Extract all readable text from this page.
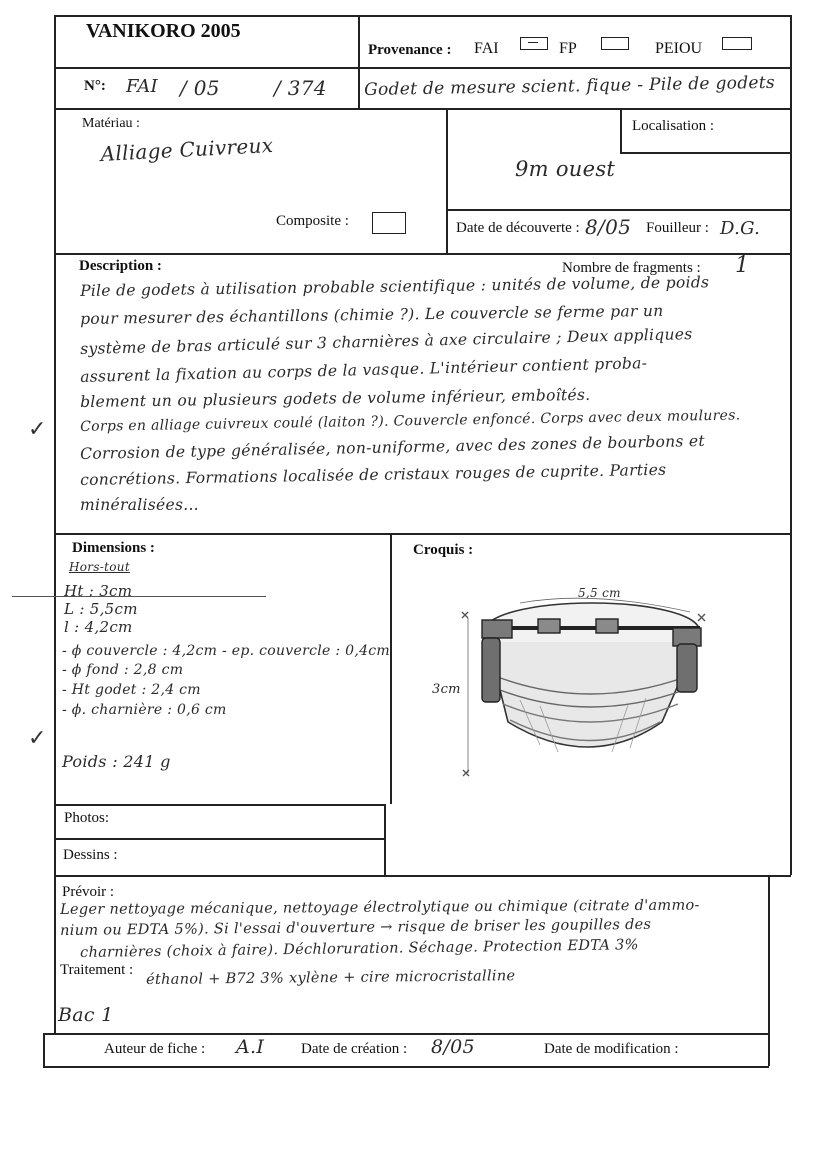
VANIKORO 2005
Provenance : FAI	FP	PEIOU
N°: FAI / 05	/ 374 Godet de mesure scient. fique - Pile de godets
Matériau :
Alliage Cuivreux
Composite :
Localisation :
9m ouest
Date de découverte : 8/05 Fouilleur : D.G.
Description :	Nombre de fragments : 1
Pile de godets à utilisation probable scientifique : unités de volume, de poids
pour mesurer des échantillons (chimie ?). Le couvercle se ferme par un
système de bras articulé sur 3 charnières à axe circulaire ; Deux appliques
assurent la fixation au corps de la vasque. L'intérieur contient proba-
blement un ou plusieurs godets de volume inférieur, emboîtés.
Corps en alliage cuivreux coulé (laiton ?). Couvercle enfoncé. Corps avec deux moulures.
Corrosion de type généralisée, non-uniforme, avec des zones de bourbons et
concrétions. Formations localisée de cristaux rouges de cuprite. Parties
minéralisées...
✓
✓
Dimensions :
Hors-tout
Ht : 3cm
L : 5,5cm
l : 4,2cm
- ϕ couvercle : 4,2cm - ep. couvercle : 0,4cm
- ϕ fond : 2,8 cm
- Ht godet : 2,4 cm
- ϕ. charnière : 0,6 cm
Poids : 241 g
Croquis :
5,5 cm
3cm
Photos:
Dessins :
Prévoir :
Leger nettoyage mécanique, nettoyage électrolytique ou chimique (citrate d'ammo-
nium ou EDTA 5%). Si l'essai d'ouverture → risque de briser les goupilles des
charnières (choix à faire). Déchloruration. Séchage. Protection EDTA 3%
Traitement : éthanol + B72 3% xylène + cire microcristalline
Bac 1
Auteur de fiche : A.I Date de création : 8/05	Date de modification :
